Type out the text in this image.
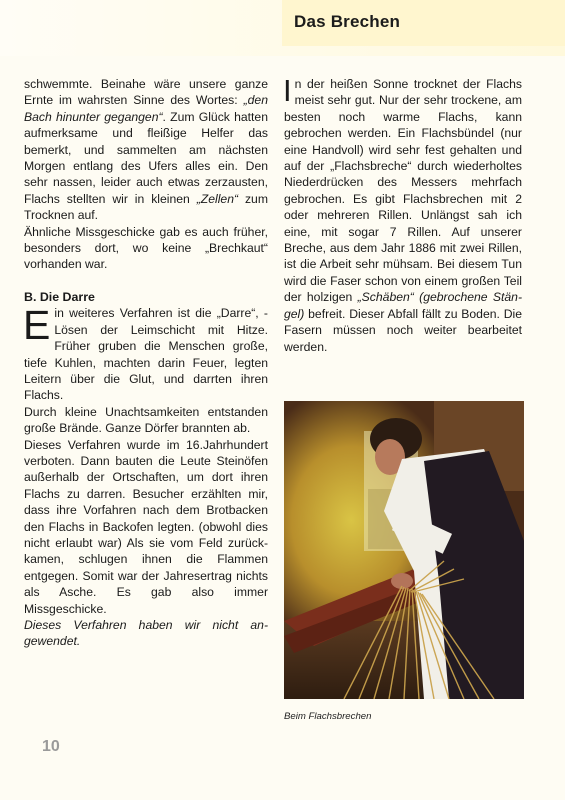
Das Brechen

schwemmte. Beinahe wäre unsere ganze Ernte im wahrsten Sinne des Wortes: „den Bach hinunter gegangen“. Zum Glück hatten aufmerksame und fleißige Helfer das bemerkt, und sammelten am nächsten Morgen entlang des Ufers alles ein. Den sehr nassen, leider auch etwas zerzausten, Flachs stellten wir in kleinen „Zellen“ zum Trocknen auf.

Ähnliche Missgeschicke gab es auch früher, besonders dort, wo keine „Brechkaut“ vorhanden war.

B. Die Darre

Ein weiteres Verfahren ist die „Darre“, -Lösen der Leimschicht mit Hitze. Früher gruben die Menschen große, tiefe Kuhlen, machten darin Feuer, legten Leitern über die Glut, und darrten ihren Flachs.

Durch kleine Unachtsamkeiten entstanden große Brände. Ganze Dörfer brannten ab.

Dieses Verfahren wurde im 16.Jahrhundert verboten. Dann bauten die Leute Steinöfen außerhalb der Ortschaften, um dort ihren Flachs zu darren. Besucher erzählten mir, dass ihre Vorfahren nach dem Brotbacken den Flachs in Backofen legten. (obwohl dies nicht erlaubt war) Als sie vom Feld zurückkamen, schlugen ihnen die Flammen entgegen. Somit war der Jahresertrag nichts als Asche. Es gab also immer Missgeschicke.

Dieses Verfahren haben wir nicht angewendet.

In der heißen Sonne trocknet der Flachs meist sehr gut. Nur der sehr trockene, am besten noch warme Flachs, kann gebrochen werden. Ein Flachsbündel (nur eine Handvoll) wird sehr fest gehalten und auf der „Flachsbreche“ durch wiederholtes Niederdrücken des Messers mehrfach gebrochen. Es gibt Flachsbrechen mit 2 oder mehreren Rillen. Unlängst sah ich eine, mit sogar 7 Rillen. Auf unserer Breche, aus dem Jahr 1886 mit zwei Rillen, ist die Arbeit sehr mühsam. Bei diesem Tun wird die Faser schon von einem großen Teil der holzigen „Schäben“ (gebrochene Stängel) befreit. Dieser Abfall fällt zu Boden. Die Fasern müssen noch weiter bearbeitet werden.

Beim Flachsbrechen
10
